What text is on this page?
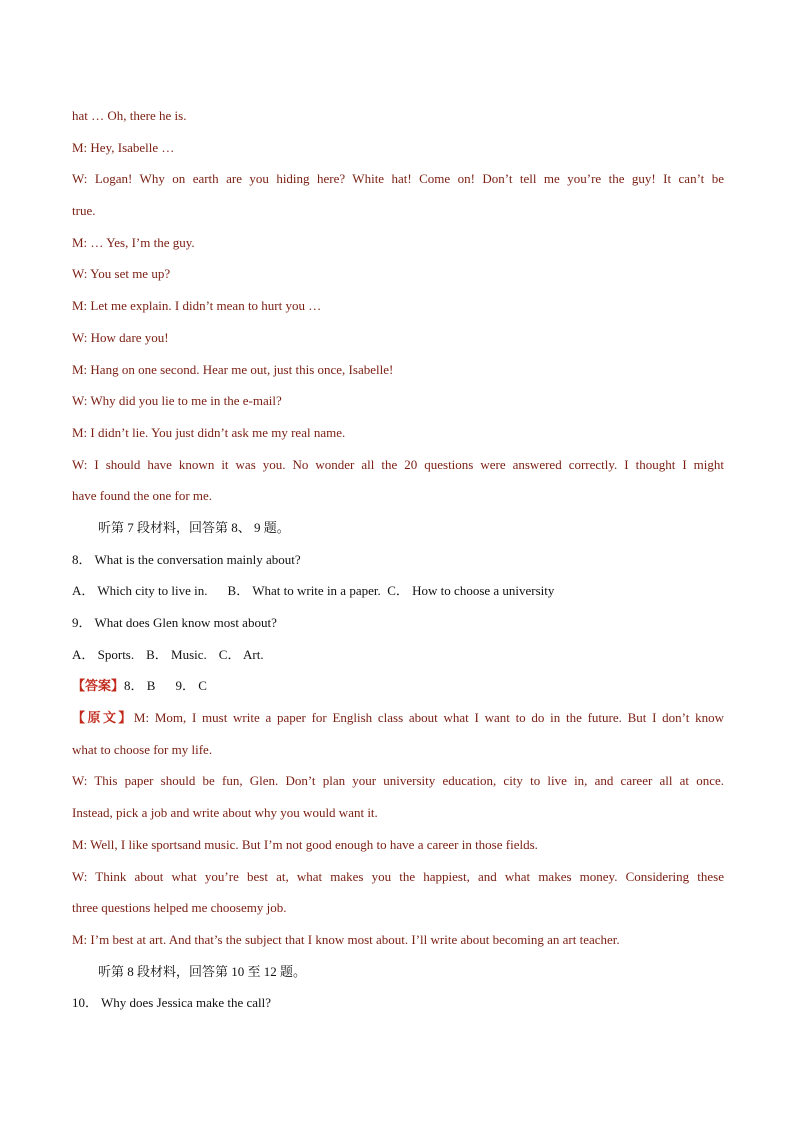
hat … Oh, there he is.
M: Hey, Isabelle …
W: Logan! Why on earth are you hiding here? White hat! Come on! Don’t tell me you’re the guy! It can’t be
true.
M: … Yes, I’m the guy.
W: You set me up?
M: Let me explain. I didn’t mean to hurt you …
W: How dare you!
M: Hang on one second. Hear me out, just this once, Isabelle!
W: Why did you lie to me in the e-mail?
M: I didn’t lie. You just didn’t ask me my real name.
W: I should have known it was you. No wonder all the 20 questions were answered correctly. I thought I might
have found the one for me.
听第 7 段材料，回答第 8、 9 题。
8． What is the conversation mainly about?
A． Which city to live in. B． What to write in a paper. C． How to choose a university
9． What does Glen know most about?
A． Sports. B． Music. C． Art.
【答案】8． B 9． C
【原文】M: Mom, I must write a paper for English class about what I want to do in the future. But I don’t know
what to choose for my life.
W: This paper should be fun, Glen. Don’t plan your university education, city to live in, and career all at once.
Instead, pick a job and write about why you would want it.
M: Well, I like sportsand music. But I’m not good enough to have a career in those fields.
W: Think about what you’re best at, what makes you the happiest, and what makes money. Considering these
three questions helped me choosemy job.
M: I’m best at art. And that’s the subject that I know most about. I’ll write about becoming an art teacher.
听第 8 段材料，回答第 10 至 12 题。
10． Why does Jessica make the call?
